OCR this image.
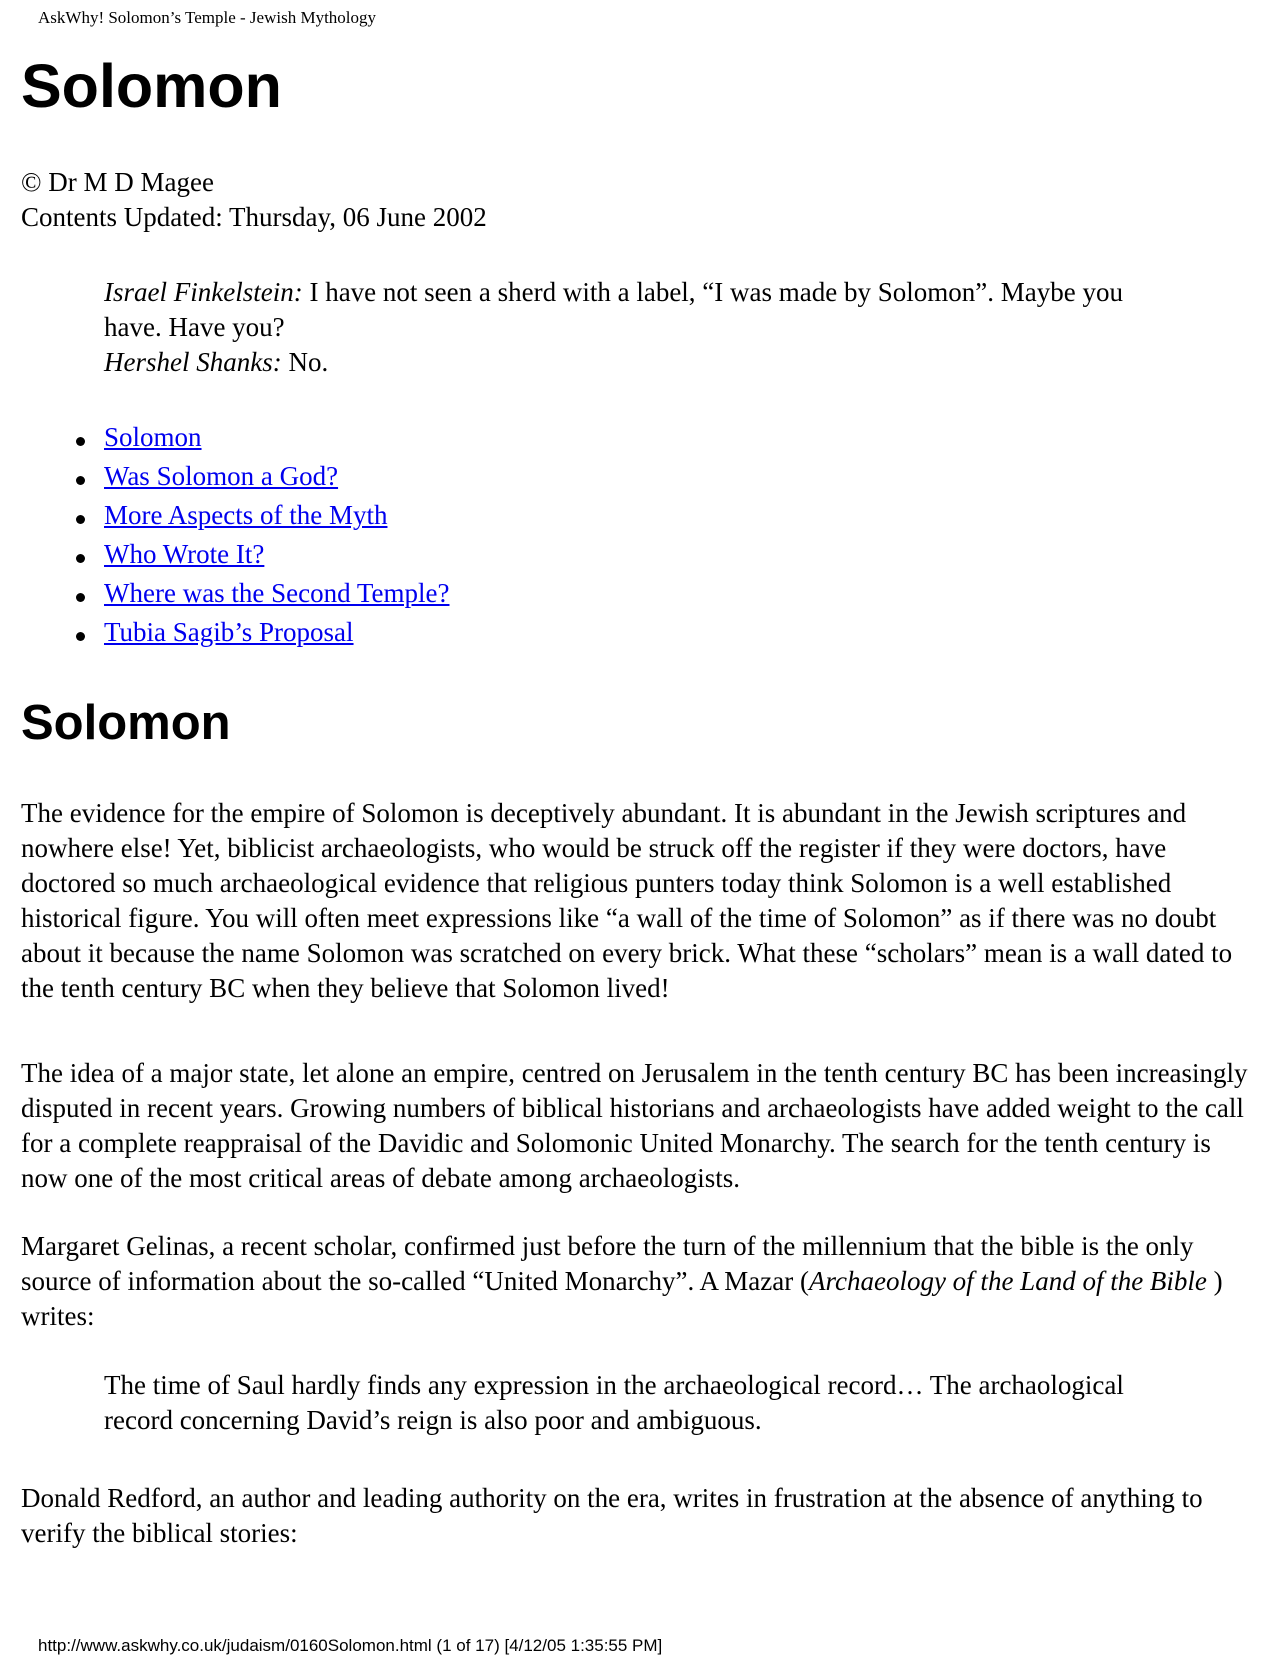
AskWhy! Solomon’s Temple - Jewish Mythology
Solomon
© Dr M D Magee
Contents Updated: Thursday, 06 June 2002
Israel Finkelstein: I have not seen a sherd with a label, “I was made by Solomon”. Maybe you have. Have you?
Hershel Shanks: No.
Solomon
Was Solomon a God?
More Aspects of the Myth
Who Wrote It?
Where was the Second Temple?
Tubia Sagib’s Proposal
Solomon

The evidence for the empire of Solomon is deceptively abundant. It is abundant in the Jewish scriptures and nowhere else! Yet, biblicist archaeologists, who would be struck off the register if they were doctors, have doctored so much archaeological evidence that religious punters today think Solomon is a well established historical figure. You will often meet expressions like “a wall of the time of Solomon” as if there was no doubt about it because the name Solomon was scratched on every brick. What these “scholars” mean is a wall dated to the tenth century BC when they believe that Solomon lived!

The idea of a major state, let alone an empire, centred on Jerusalem in the tenth century BC has been increasingly disputed in recent years. Growing numbers of biblical historians and archaeologists have added weight to the call for a complete reappraisal of the Davidic and Solomonic United Monarchy. The search for the tenth century is now one of the most critical areas of debate among archaeologists.

Margaret Gelinas, a recent scholar, confirmed just before the turn of the millennium that the bible is the only source of information about the so-called “United Monarchy”. A Mazar (Archaeology of the Land of the Bible ) writes:

The time of Saul hardly finds any expression in the archaeological record… The archaological record concerning David’s reign is also poor and ambiguous.

Donald Redford, an author and leading authority on the era, writes in frustration at the absence of anything to verify the biblical stories:

http://www.askwhy.co.uk/judaism/0160Solomon.html (1 of 17) [4/12/05 1:35:55 PM]
